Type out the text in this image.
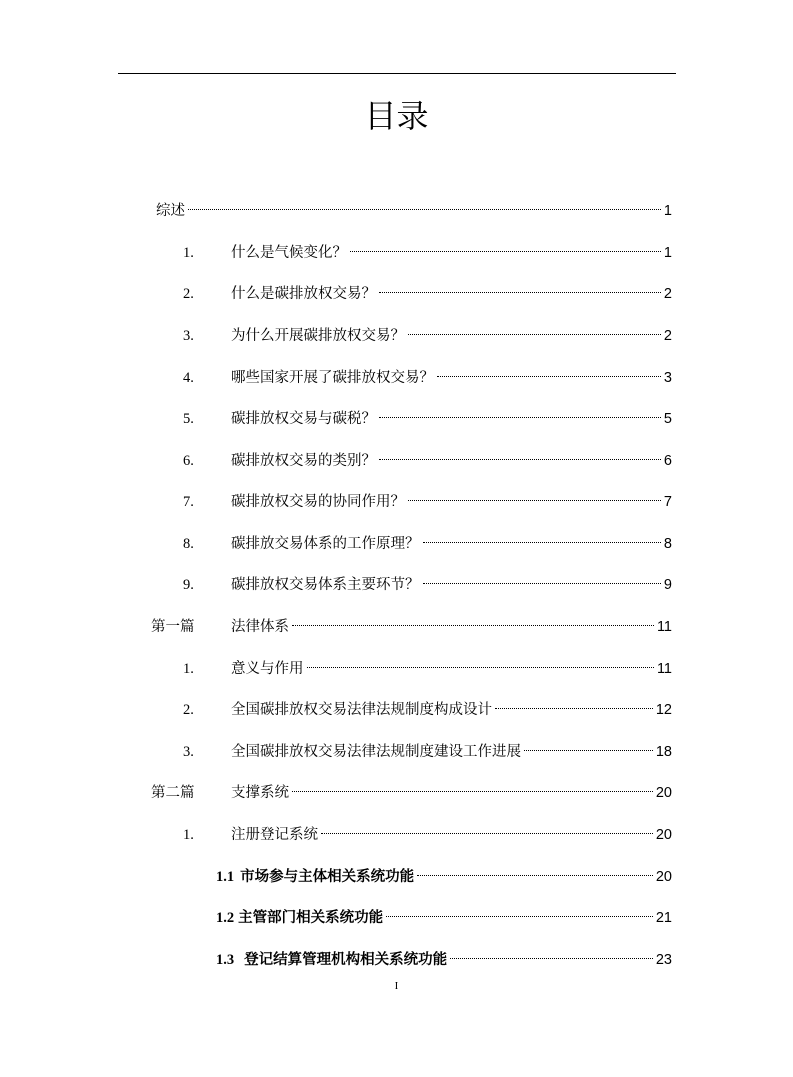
目录
综述	1
1.	什么是气候变化？	1
2.	什么是碳排放权交易？	2
3.	为什么开展碳排放权交易？	2
4.	哪些国家开展了碳排放权交易？	3
5.	碳排放权交易与碳税？	5
6.	碳排放权交易的类别？	6
7.	碳排放权交易的协同作用？	7
8.	碳排放交易体系的工作原理？	8
9.	碳排放权交易体系主要环节？	9
第一篇	法律体系	11
1.	意义与作用	11
2.	全国碳排放权交易法律法规制度构成设计	12
3.	全国碳排放权交易法律法规制度建设工作进展	18
第二篇	支撑系统	20
1.	注册登记系统	20
1.1 市场参与主体相关系统功能	20
1.2 主管部门相关系统功能	21
1.3 登记结算管理机构相关系统功能	23
I
